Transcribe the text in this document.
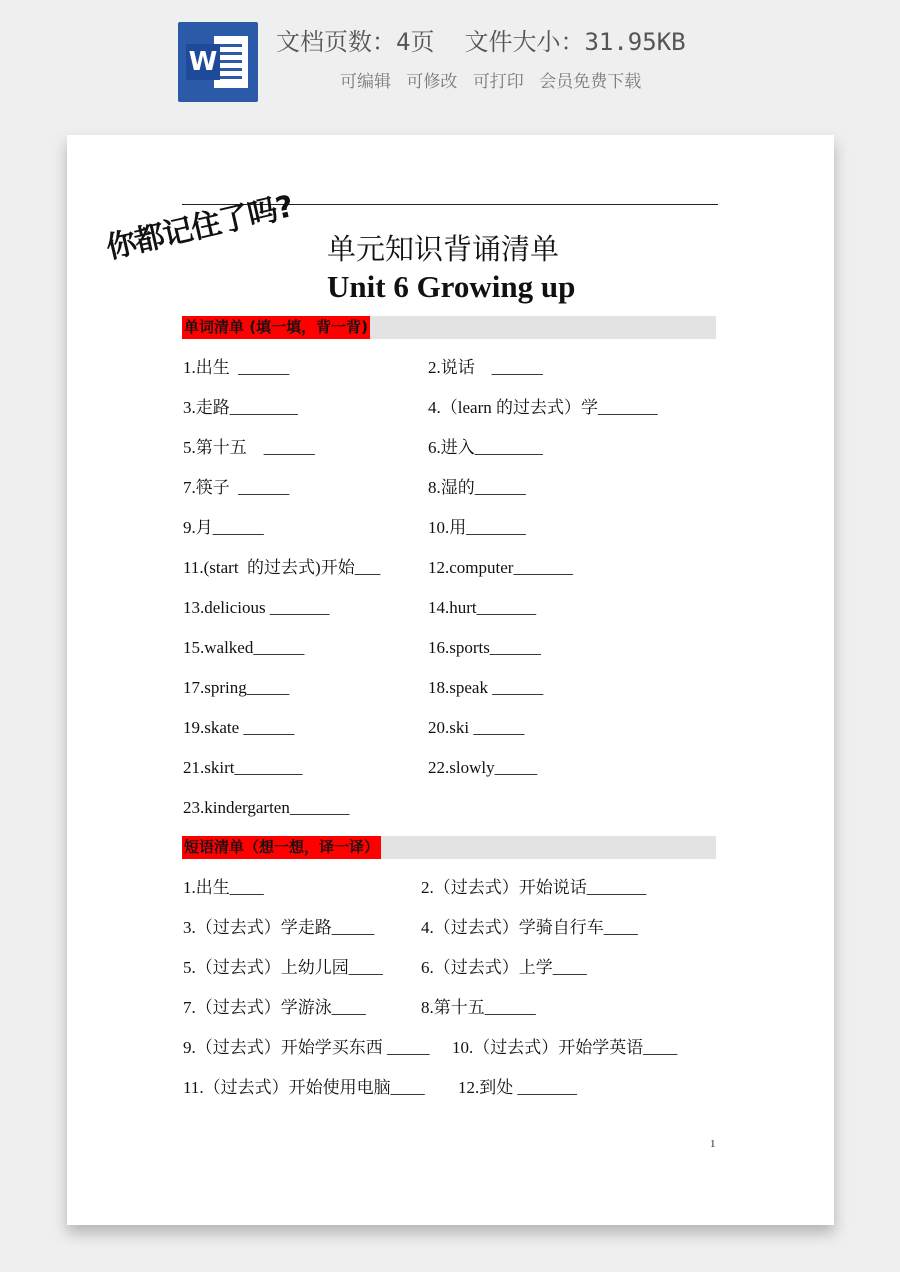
W
文档页数：4页 文件大小：31.95KB
可编辑 可修改 可打印 会员免费下载
你都记住了吗? 单元知识背诵清单
Unit 6 Growing up
单词清单 (填一填，背一背)
1.出生  ______	2.说话    ______
3.走路________	4.（learn 的过去式）学_______
5.第十五    ______	6.进入________
7.筷子  ______	8.湿的______
9.月______	10.用_______
11.(start  的过去式)开始___	12.computer_______
13.delicious _______	14.hurt_______
15.walked______	16.sports______
17.spring_____	18.speak ______
19.skate ______	20.ski ______
21.skirt________	22.slowly_____
23.kindergarten_______
短语清单（想一想，译一译）
1.出生____	2.（过去式）开始说话_______
3.（过去式）学走路_____	4.（过去式）学骑自行车____
5.（过去式）上幼儿园____ 6.（过去式）上学____
7.（过去式）学游泳____	8.第十五______
9.（过去式）开始学买东西 _____ 10.（过去式）开始学英语____
11.（过去式）开始使用电脑____ 12.到处 _______
1
